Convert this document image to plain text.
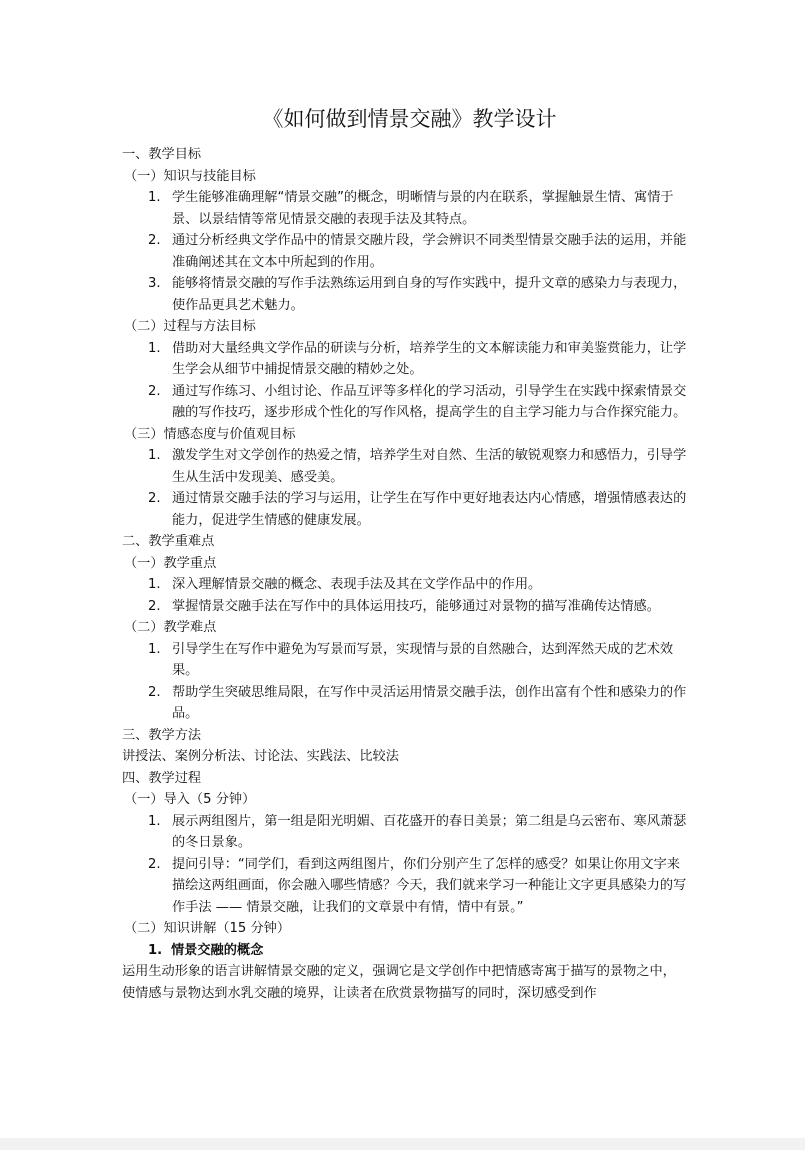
《如何做到情景交融》教学设计

一、教学目标

（一）知识与技能目标

1. 学生能够准确理解“情景交融”的概念，明晰情与景的内在联系，掌握触景生情、寓情于景、以景结情等常见情景交融的表现手法及其特点。

2. 通过分析经典文学作品中的情景交融片段，学会辨识不同类型情景交融手法的运用，并能准确阐述其在文本中所起到的作用。

3. 能够将情景交融的写作手法熟练运用到自身的写作实践中，提升文章的感染力与表现力，使作品更具艺术魅力。

（二）过程与方法目标

1. 借助对大量经典文学作品的研读与分析，培养学生的文本解读能力和审美鉴赏能力，让学生学会从细节中捕捉情景交融的精妙之处。

2. 通过写作练习、小组讨论、作品互评等多样化的学习活动，引导学生在实践中探索情景交融的写作技巧，逐步形成个性化的写作风格，提高学生的自主学习能力与合作探究能力。

（三）情感态度与价值观目标

1. 激发学生对文学创作的热爱之情，培养学生对自然、生活的敏锐观察力和感悟力，引导学生从生活中发现美、感受美。

2. 通过情景交融手法的学习与运用，让学生在写作中更好地表达内心情感，增强情感表达的能力，促进学生情感的健康发展。

二、教学重难点

（一）教学重点

1. 深入理解情景交融的概念、表现手法及其在文学作品中的作用。

2. 掌握情景交融手法在写作中的具体运用技巧，能够通过对景物的描写准确传达情感。

（二）教学难点

1. 引导学生在写作中避免为写景而写景，实现情与景的自然融合，达到浑然天成的艺术效果。

2. 帮助学生突破思维局限，在写作中灵活运用情景交融手法，创作出富有个性和感染力的作品。

三、教学方法

讲授法、案例分析法、讨论法、实践法、比较法

四、教学过程

（一）导入（5 分钟）

1. 展示两组图片，第一组是阳光明媚、百花盛开的春日美景；第二组是乌云密布、寒风萧瑟的冬日景象。

2. 提问引导：“同学们，看到这两组图片，你们分别产生了怎样的感受？如果让你用文字来描绘这两组画面，你会融入哪些情感？今天，我们就来学习一种能让文字更具感染力的写作手法 —— 情景交融，让我们的文章景中有情，情中有景。”

（二）知识讲解（15 分钟）

1. 情景交融的概念

运用生动形象的语言讲解情景交融的定义，强调它是文学创作中把情感寄寓于描写的景物之中，使情感与景物达到水乳交融的境界，让读者在欣赏景物描写的同时，深切感受到作
